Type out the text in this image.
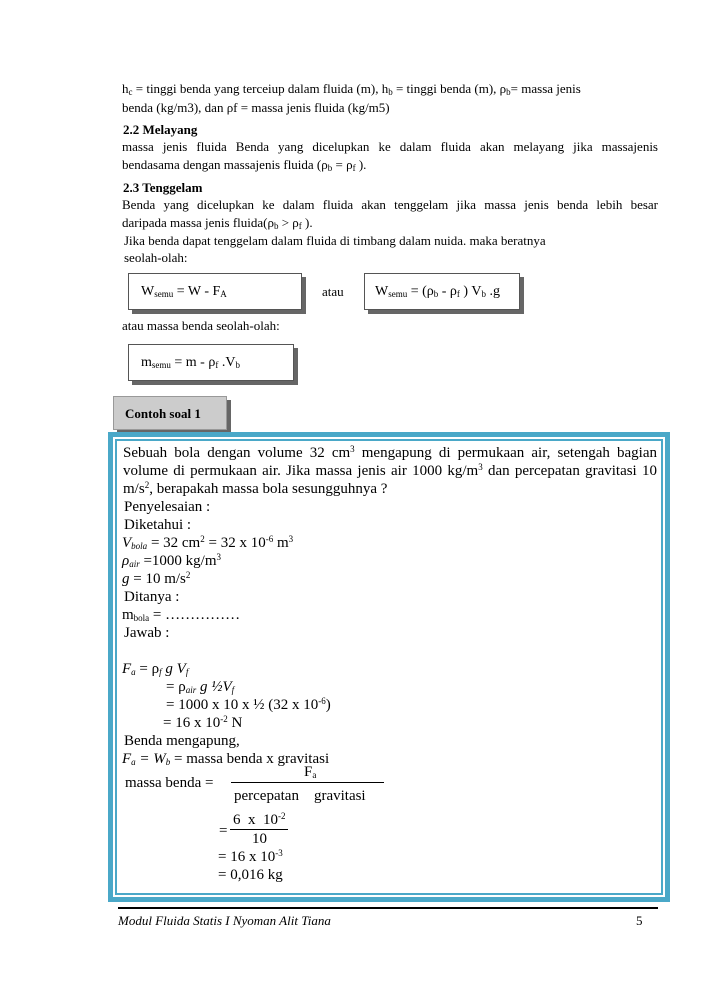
$h_c$ = tinggi benda yang terceiup dalam fluida (m), $h_b$ = tinggi benda (m), $\rho_b=$ massa jenis
benda (kg/m3), dan ρf = massa jenis fluida (kg/m5)
2.2 Melayang
massa jenis fluida Benda yang dicelupkan ke dalam fluida akan melayang jika massajenis
bendasama dengan massajenis fluida ($\rho_b = \rho_f$ ).
2.3 Tenggelam
Benda yang dicelupkan ke dalam fluida akan tenggelam jika massa jenis benda lebih besar
daripada massa jenis $fluida(\rho_b > \rho_f$ ).
Jika benda dapat tenggelam dalam fluida di timbang dalam nuida. maka beratnya
seolah-olah:
$W_{semu} = W - F_A$	atau $W_{semu} = (\rho_b - \rho_f$ ) $V_b$ .g
atau massa benda seolah-olah:
$m_{semu} = m - \rho_f$ $.V_b$
Contoh soal 1
Sebuah bola dengan volume 32 $cm^3$ mengapung di permukaan air, setengah bagian
volume di permukaan air. Jika massa jenis air 1000 $kg/m^3$ dan percepatan gravitasi 10
$m/s^2$, berapakah massa bola sesungguhnya ?
Penyelesaian :
Diketahui :
$V_{bola} = 32$ $cm^2 = 32$ x $10^{-6}$ $m^3$
$\rho_{air} =1000$ $kg/m^3$
g = 10 $m/s^2$
Ditanya :
$m_{bola}$ = ……………
Jawab :
$F_a = \rho_f$ g $V_f$
= $\rho_{air}$ g $\frac{1}{2}V_f$
= 1000 x 10 x ½ (32 x $10^{-6}$)
= 16 x $10^{-2}$ N
Benda mengapung,
$F_a = W_b$ = massa benda x gravitasi
$F_a$
massa benda =
percepatan    gravitasi
6  x  $10^{-2}$
= 10
= 16 x $10^{-3}$
= 0,016 kg
Modul Fluida Statis I Nyoman Alit Tiana	5
